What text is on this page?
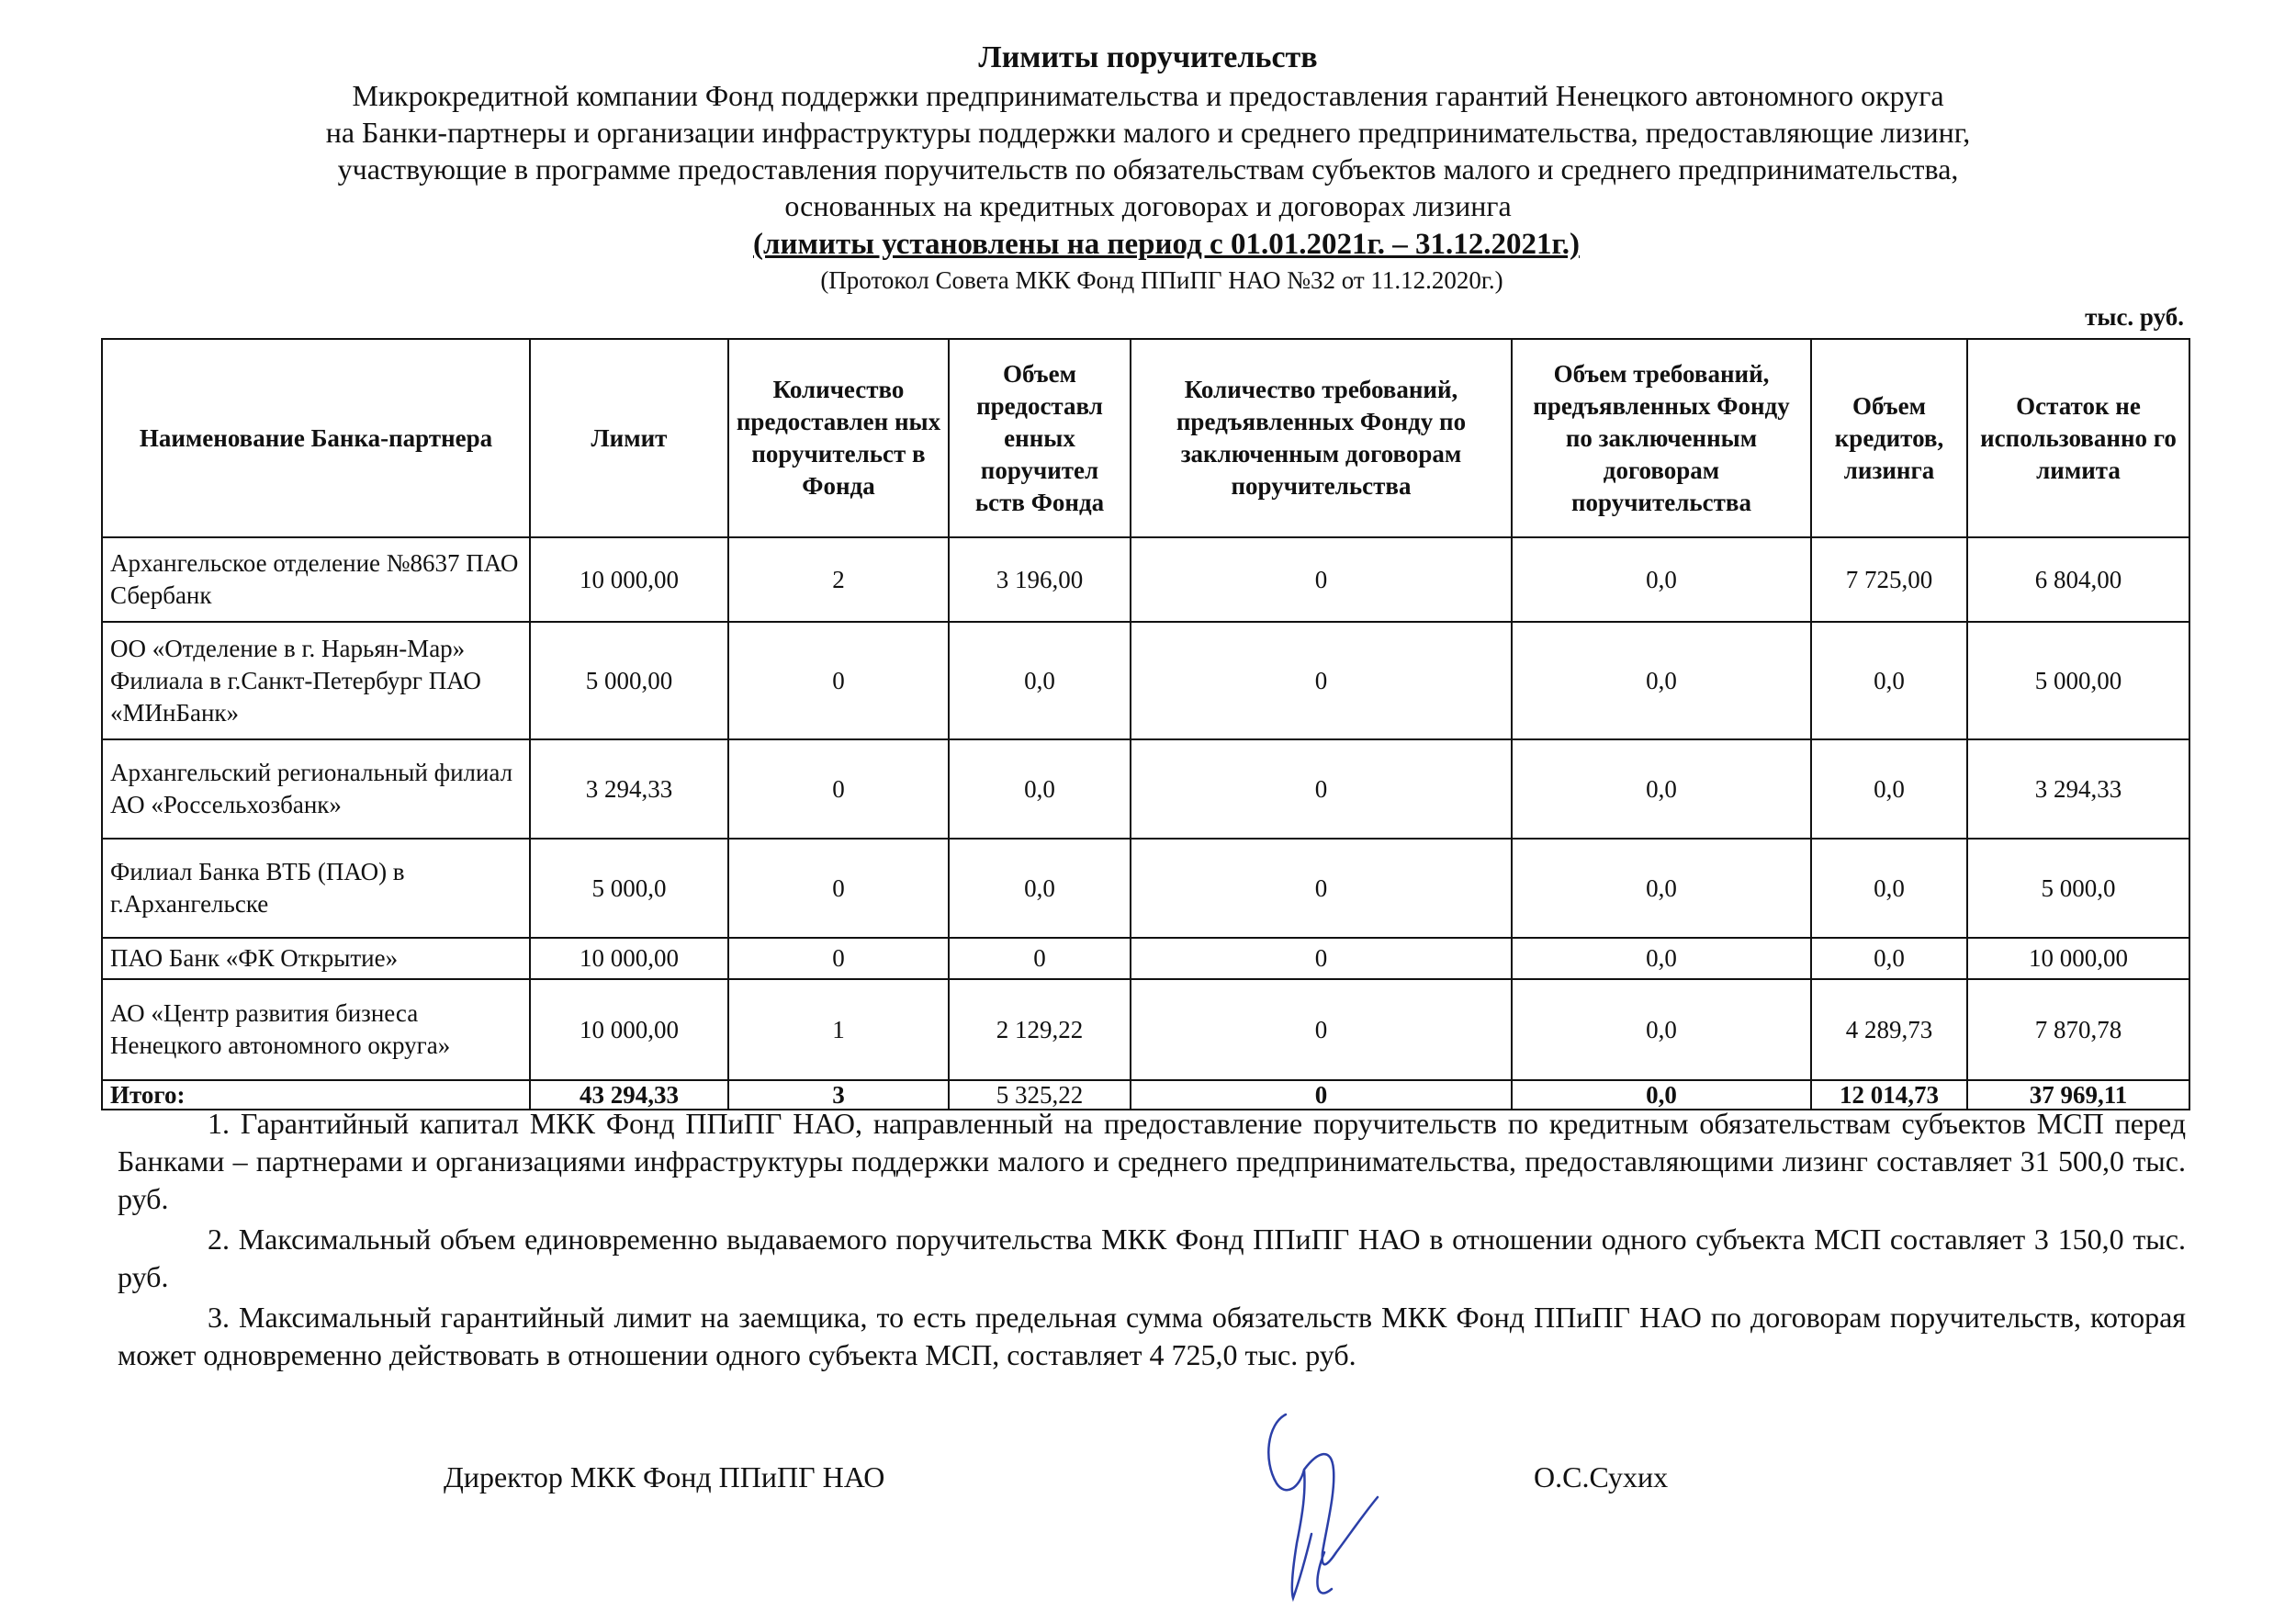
Лимиты поручительств
Микрокредитной компании Фонд поддержки предпринимательства и предоставления гарантий Ненецкого автономного округа
на Банки-партнеры и организации инфраструктуры поддержки малого и среднего предпринимательства, предоставляющие лизинг,
участвующие в программе предоставления поручительств по обязательствам субъектов малого и среднего предпринимательства,
основанных на кредитных договорах и договорах лизинга
(лимиты установлены на период с 01.01.2021г. – 31.12.2021г.)
(Протокол Совета МКК Фонд ППиПГ НАО №32 от 11.12.2020г.)
тыс. руб.
Наименование Банка-партнера	Лимит	Количество предоставлен ных поручительст в Фонда	Объем предоставл енных поручител ьств Фонда	Количество требований, предъявленных Фонду по заключенным договорам поручительства	Объем требований, предъявленных Фонду по заключенным договорам поручительства	Объем кредитов, лизинга	Остаток не использованно го лимита
Архангельское отделение №8637 ПАО Сбербанк	10 000,00	2	3 196,00	0	0,0	7 725,00	6 804,00
ОО «Отделение в г. Нарьян-Мар» Филиала в г.Санкт-Петербург ПАО «МИнБанк»	5 000,00	0	0,0	0	0,0	0,0	5 000,00
Архангельский региональный филиал АО «Россельхозбанк»	3 294,33	0	0,0	0	0,0	0,0	3 294,33
Филиал Банка ВТБ (ПАО) в г.Архангельске	5 000,0	0	0,0	0	0,0	0,0	5 000,0
ПАО Банк «ФК Открытие»	10 000,00	0	0	0	0,0	0,0	10 000,00
АО «Центр развития бизнеса Ненецкого автономного округа»	10 000,00	1	2 129,22	0	0,0	4 289,73	7 870,78
Итого:	43 294,33	3	5 325,22	0	0,0	12 014,73	37 969,11

1. Гарантийный капитал МКК Фонд ППиПГ НАО, направленный на предоставление поручительств по кредитным обязательствам субъектов МСП перед Банками – партнерами и организациями инфраструктуры поддержки малого и среднего предпринимательства, предоставляющими лизинг составляет 31 500,0 тыс. руб.

2. Максимальный объем единовременно выдаваемого поручительства МКК Фонд ППиПГ НАО в отношении одного субъекта МСП составляет 3 150,0 тыс. руб.

3. Максимальный гарантийный лимит на заемщика, то есть предельная сумма обязательств МКК Фонд ППиПГ НАО по договорам поручительств, которая может одновременно действовать в отношении одного субъекта МСП, составляет 4 725,0 тыс. руб.

Директор МКК Фонд ППиПГ НАО	О.С.Сухих
